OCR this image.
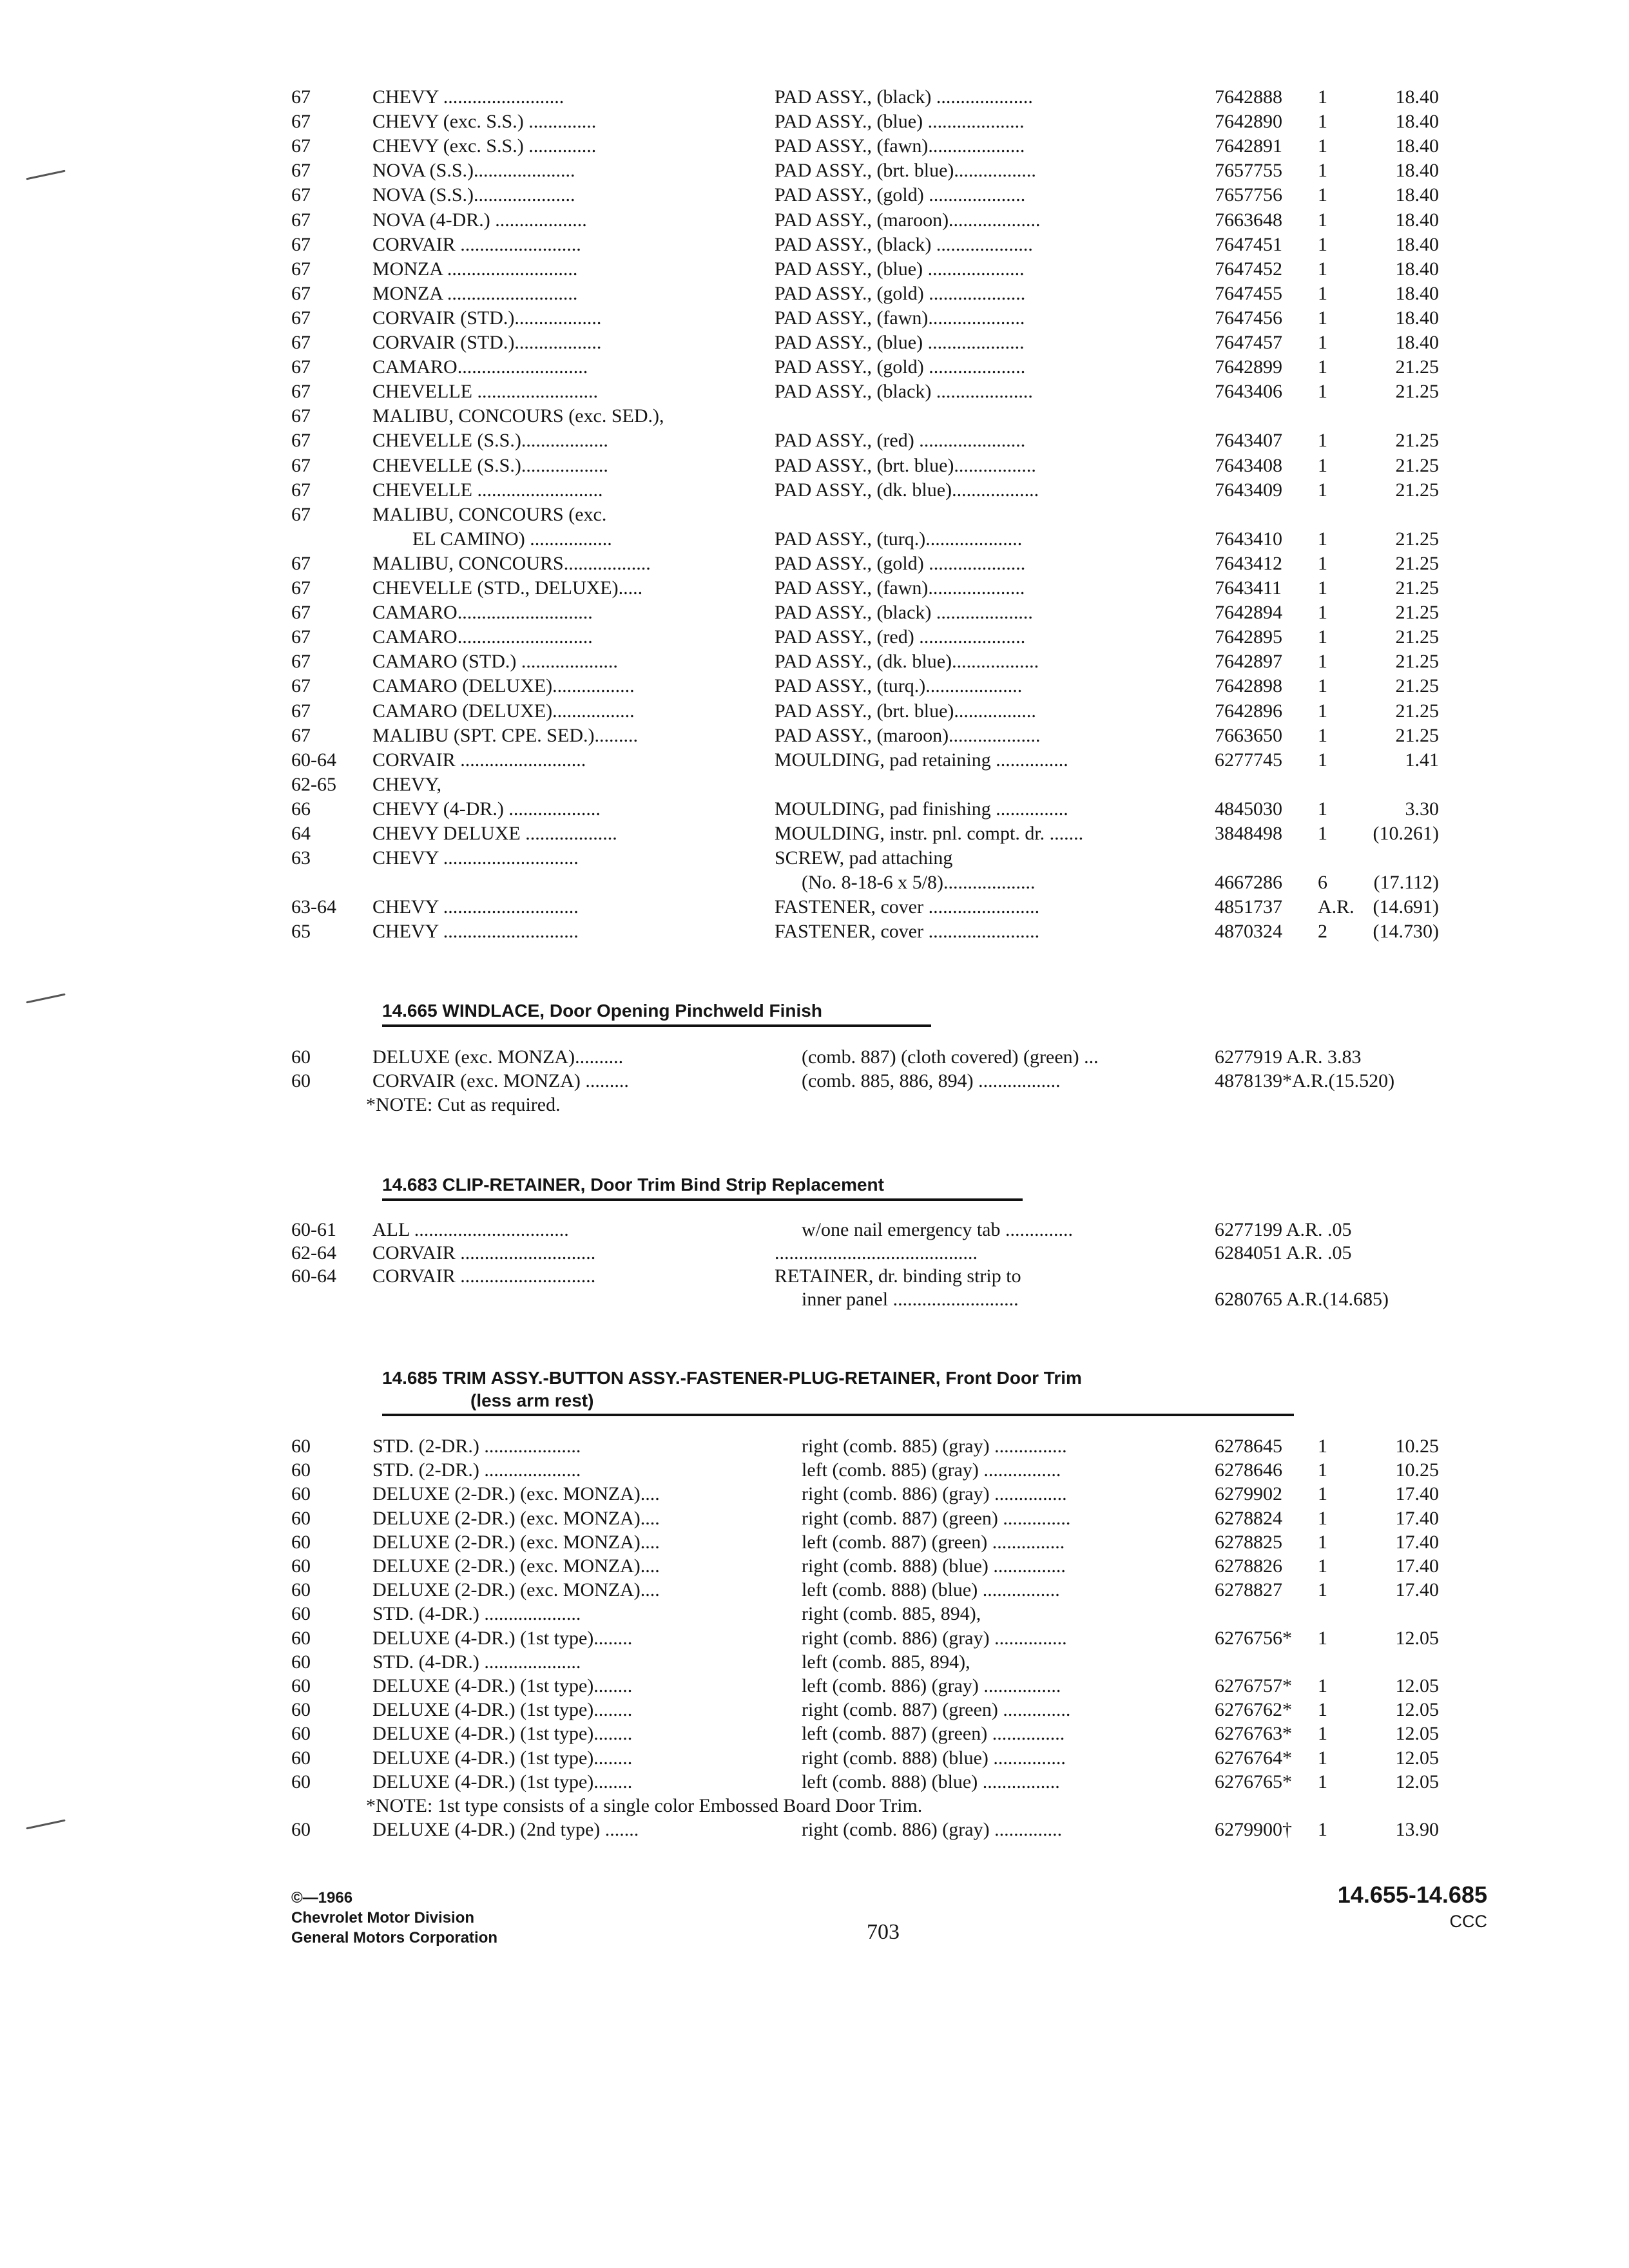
67	CHEVY .........................	PAD ASSY., (black) ....................	7642888 1	18.40
67	CHEVY (exc. S.S.) ..............	PAD ASSY., (blue) ....................	7642890 1	18.40
67	CHEVY (exc. S.S.) ..............	PAD ASSY., (fawn)....................	7642891 1	18.40
67	NOVA (S.S.).....................	PAD ASSY., (brt. blue).................	7657755 1	18.40
67	NOVA (S.S.).....................	PAD ASSY., (gold) ....................	7657756 1	18.40
67	NOVA (4-DR.) ...................	PAD ASSY., (maroon)...................	7663648 1	18.40
67	CORVAIR .........................	PAD ASSY., (black) ....................	7647451 1	18.40
67	MONZA ...........................	PAD ASSY., (blue) ....................	7647452 1	18.40
67	MONZA ...........................	PAD ASSY., (gold) ....................	7647455 1	18.40
67	CORVAIR (STD.)..................	PAD ASSY., (fawn)....................	7647456 1	18.40
67	CORVAIR (STD.)..................	PAD ASSY., (blue) ....................	7647457 1	18.40
67	CAMARO...........................	PAD ASSY., (gold) ....................	7642899 1	21.25
67	CHEVELLE .........................	PAD ASSY., (black) ....................	7643406 1	21.25
67	MALIBU, CONCOURS (exc. SED.),
67	CHEVELLE (S.S.)..................	PAD ASSY., (red) ......................	7643407 1	21.25
67	CHEVELLE (S.S.)..................	PAD ASSY., (brt. blue).................	7643408 1	21.25
67	CHEVELLE ..........................	PAD ASSY., (dk. blue)..................	7643409 1	21.25
67	MALIBU, CONCOURS (exc.
EL CAMINO) .................	PAD ASSY., (turq.)....................	7643410 1	21.25
67	MALIBU, CONCOURS..................	PAD ASSY., (gold) ....................	7643412 1	21.25
67	CHEVELLE (STD., DELUXE).....	PAD ASSY., (fawn)....................	7643411 1	21.25
67	CAMARO............................	PAD ASSY., (black) ....................	7642894 1	21.25
67	CAMARO............................	PAD ASSY., (red) ......................	7642895 1	21.25
67	CAMARO (STD.) ....................	PAD ASSY., (dk. blue)..................	7642897 1	21.25
67	CAMARO (DELUXE).................	PAD ASSY., (turq.)....................	7642898 1	21.25
67	CAMARO (DELUXE).................	PAD ASSY., (brt. blue).................	7642896 1	21.25
67	MALIBU (SPT. CPE. SED.).........	PAD ASSY., (maroon)...................	7663650 1	21.25
60-64 CORVAIR ..........................	MOULDING, pad retaining ...............	6277745 1	1.41
62-65 CHEVY,
66	CHEVY (4-DR.) ...................	MOULDING, pad finishing ...............	4845030 1	3.30
64	CHEVY DELUXE ...................	MOULDING, instr. pnl. compt. dr. .......	3848498 1 (10.261)
63	CHEVY ............................	SCREW, pad attaching
(No. 8-18-6 x 5/8)...................	4667286 6 (17.112)
63-64 CHEVY ............................	FASTENER, cover .......................	4851737 A.R. (14.691)
65	CHEVY ............................	FASTENER, cover .......................	4870324 2 (14.730)
14.665 WINDLACE, Door Opening Pinchweld Finish
60	DELUXE (exc. MONZA)..........	(comb. 887) (cloth covered) (green) ...	6277919 A.R. 3.83
60	CORVAIR (exc. MONZA) .........	(comb. 885, 886, 894) .................	4878139*A.R.(15.520)
*NOTE: Cut as required.
14.683 CLIP-RETAINER, Door Trim Bind Strip Replacement
60-61 ALL ................................	w/one nail emergency tab ..............	6277199 A.R. .05
62-64 CORVAIR ............................	..........................................	6284051 A.R. .05
60-64 CORVAIR ............................	RETAINER, dr. binding strip to
inner panel ..........................	6280765 A.R.(14.685)
14.685 TRIM ASSY.-BUTTON ASSY.-FASTENER-PLUG-RETAINER, Front Door Trim
(less arm rest)
60	STD. (2-DR.) ....................	right (comb. 885) (gray) ...............	6278645 1	10.25
60	STD. (2-DR.) ....................	left (comb. 885) (gray) ................	6278646 1	10.25
60	DELUXE (2-DR.) (exc. MONZA)....	right (comb. 886) (gray) ...............	6279902 1	17.40
60	DELUXE (2-DR.) (exc. MONZA)....	right (comb. 887) (green) ..............	6278824 1	17.40
60	DELUXE (2-DR.) (exc. MONZA)....	left (comb. 887) (green) ...............	6278825 1	17.40
60	DELUXE (2-DR.) (exc. MONZA)....	right (comb. 888) (blue) ...............	6278826 1	17.40
60	DELUXE (2-DR.) (exc. MONZA)....	left (comb. 888) (blue) ................	6278827 1	17.40
60	STD. (4-DR.) ....................	right (comb. 885, 894),
60	DELUXE (4-DR.) (1st type)........	right (comb. 886) (gray) ...............	6276756* 1	12.05
60	STD. (4-DR.) ....................	left (comb. 885, 894),
60	DELUXE (4-DR.) (1st type)........	left (comb. 886) (gray) ................	6276757* 1	12.05
60	DELUXE (4-DR.) (1st type)........	right (comb. 887) (green) ..............	6276762* 1	12.05
60	DELUXE (4-DR.) (1st type)........	left (comb. 887) (green) ...............	6276763* 1	12.05
60	DELUXE (4-DR.) (1st type)........	right (comb. 888) (blue) ...............	6276764* 1	12.05
60	DELUXE (4-DR.) (1st type)........	left (comb. 888) (blue) ................	6276765* 1	12.05
*NOTE: 1st type consists of a single color Embossed Board Door Trim.
60	DELUXE (4-DR.) (2nd type) .......	right (comb. 886) (gray) ..............	6279900† 1	13.90
©—1966
Chevrolet Motor Division
General Motors Corporation	703
14.655-14.685
CCC
